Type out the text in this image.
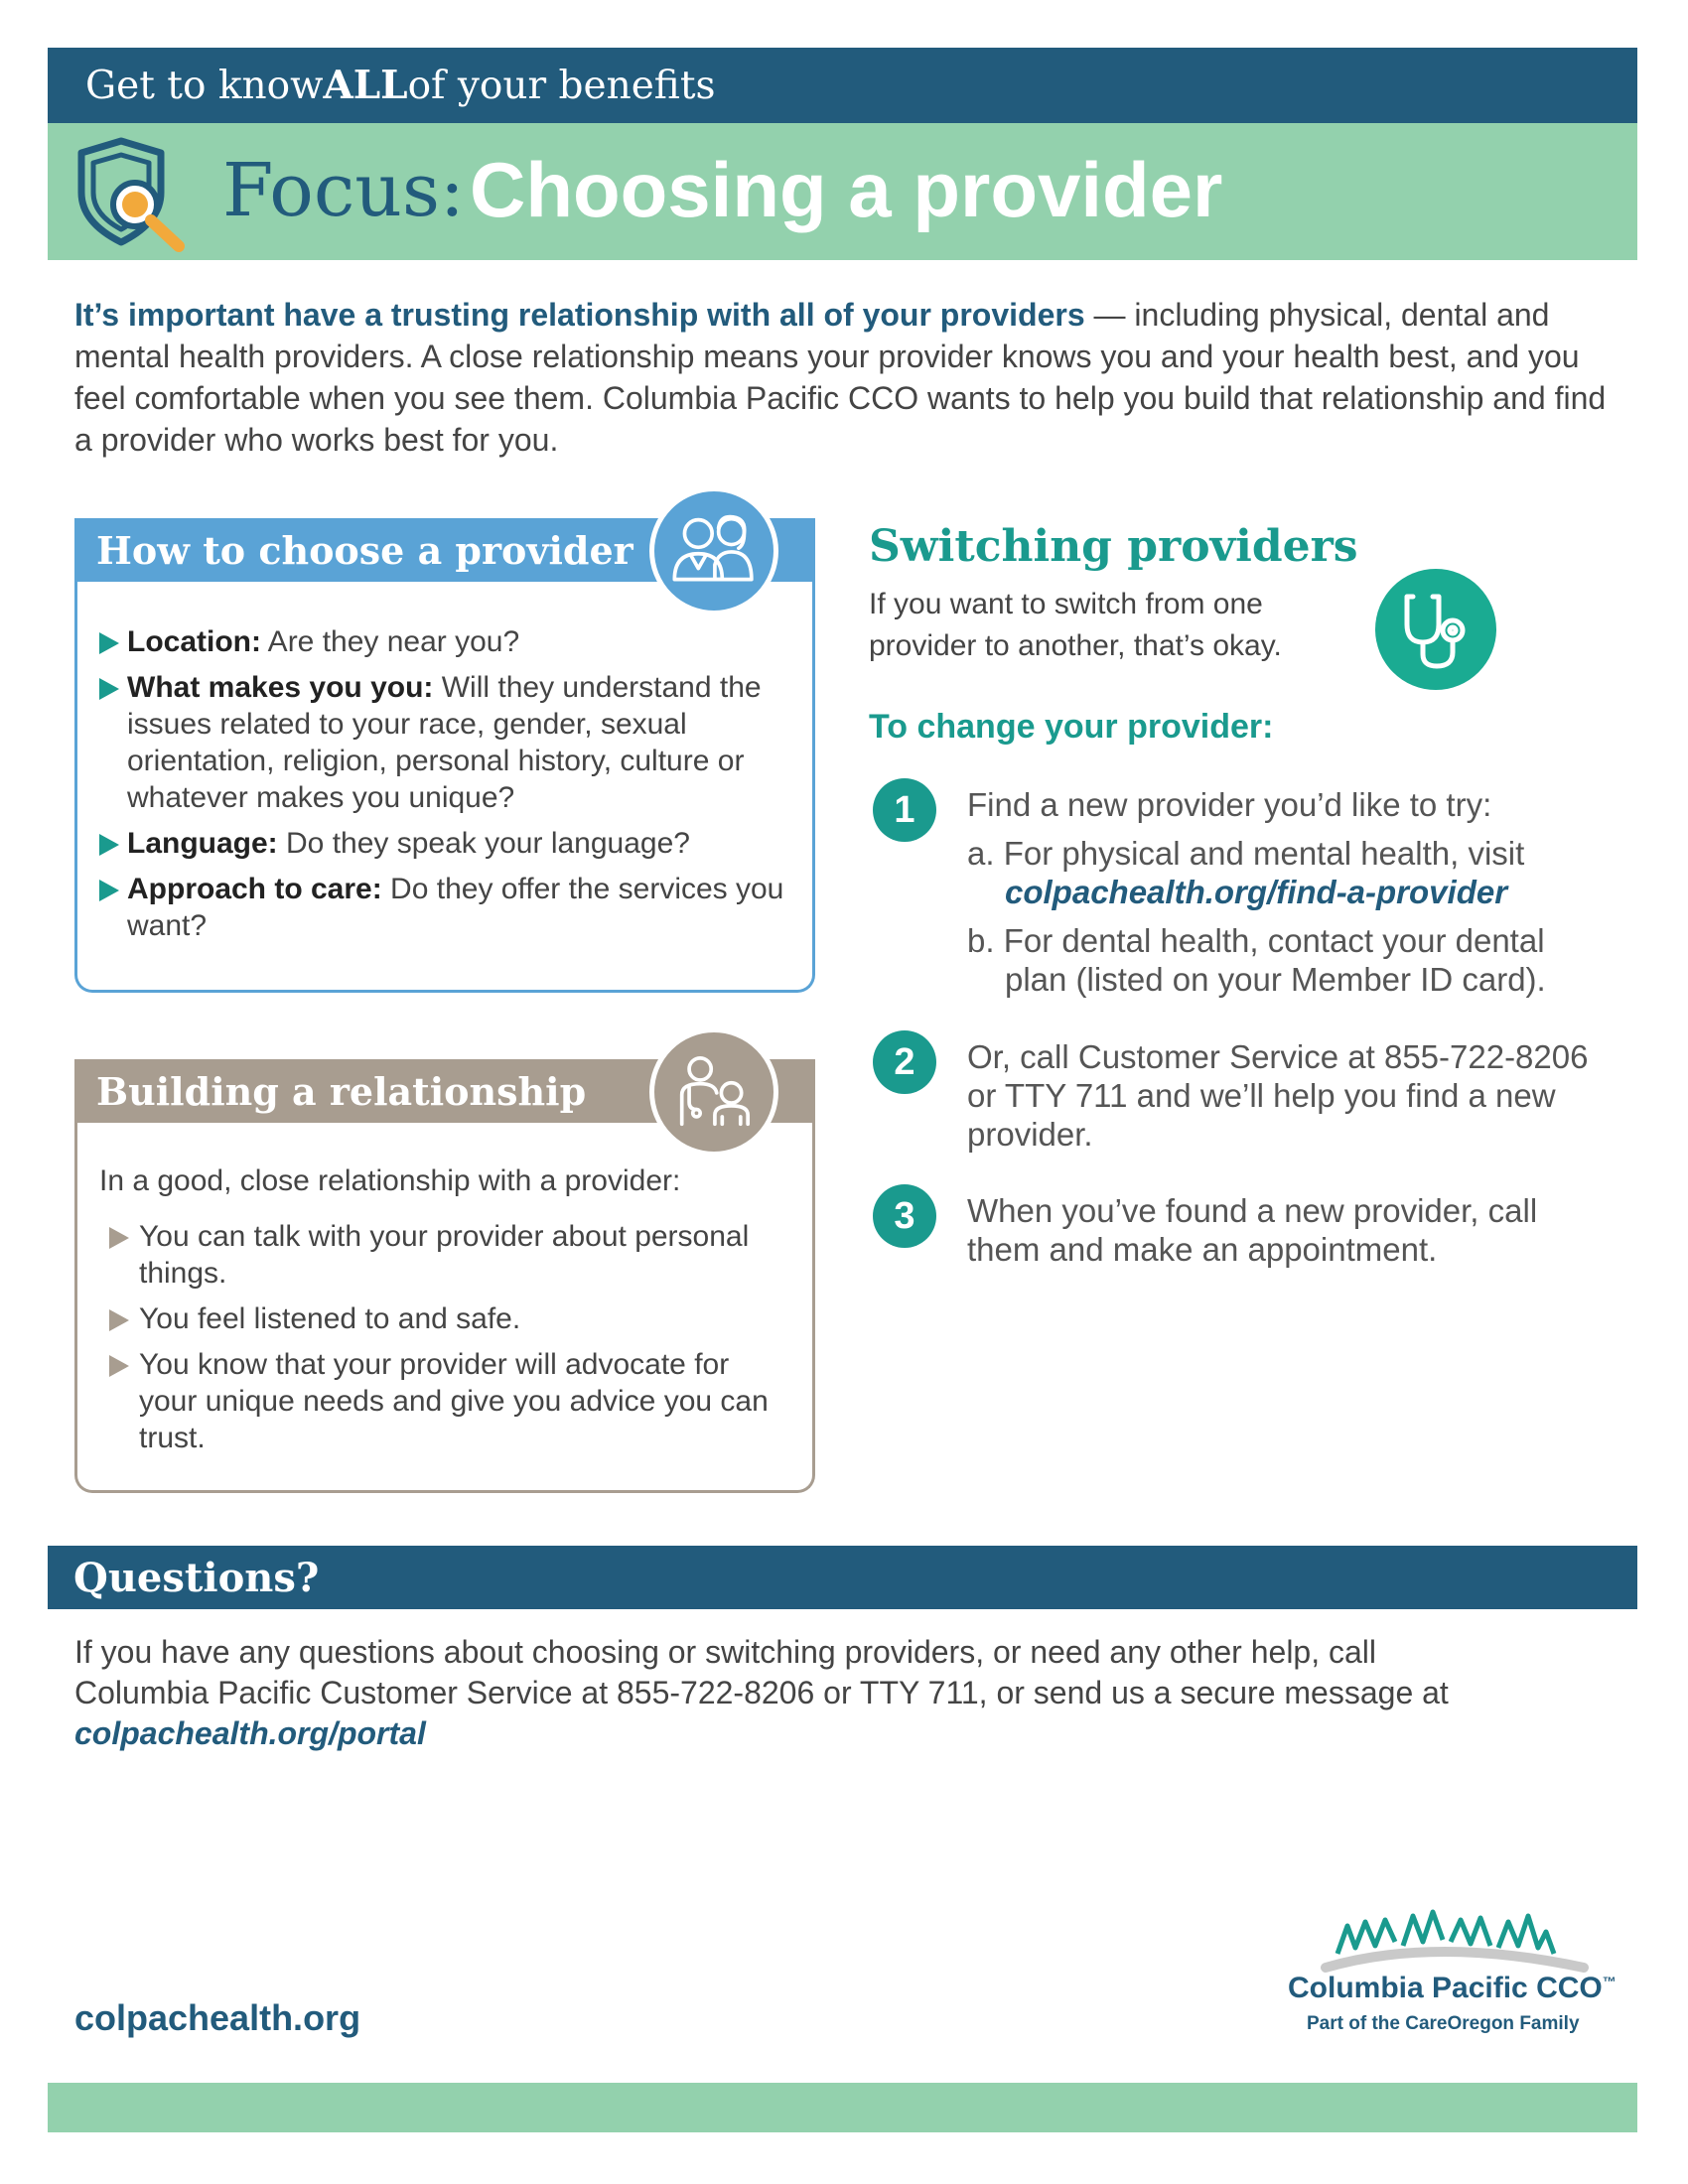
Get to know ALL of your benefits
Focus: Choosing a provider
It’s important have a trusting relationship with all of your providers — including physical, dental and mental health providers. A close relationship means your provider knows you and your health best, and you feel comfortable when you see them. Columbia Pacific CCO wants to help you build that relationship and find a provider who works best for you.
How to choose a provider
Location: Are they near you?
What makes you you: Will they understand the issues related to your race, gender, sexual orientation, religion, personal history, culture or whatever makes you unique?
Language: Do they speak your language?
Approach to care: Do they offer the services you want?
Building a relationship
In a good, close relationship with a provider:
You can talk with your provider about personal things.
You feel listened to and safe.
You know that your provider will advocate for your unique needs and give you advice you can trust.
Switching providers
If you want to switch from one provider to another, that’s okay.
To change your provider:
1	Find a new provider you’d like to try:
a. For physical and mental health, visit
colpachealth.org/find-a-provider
b. For dental health, contact your dental plan (listed on your Member ID card).
2	Or, call Customer Service at 855-722-8206 or TTY 711 and we’ll help you find a new provider.
3	When you’ve found a new provider, call them and make an appointment.
Questions?
If you have any questions about choosing or switching providers, or need any other help, call Columbia Pacific Customer Service at 855-722-8206 or TTY 711, or send us a secure message at colpachealth.org/portal
colpachealth.org
Columbia Pacific CCO™
Part of the CareOregon Family
